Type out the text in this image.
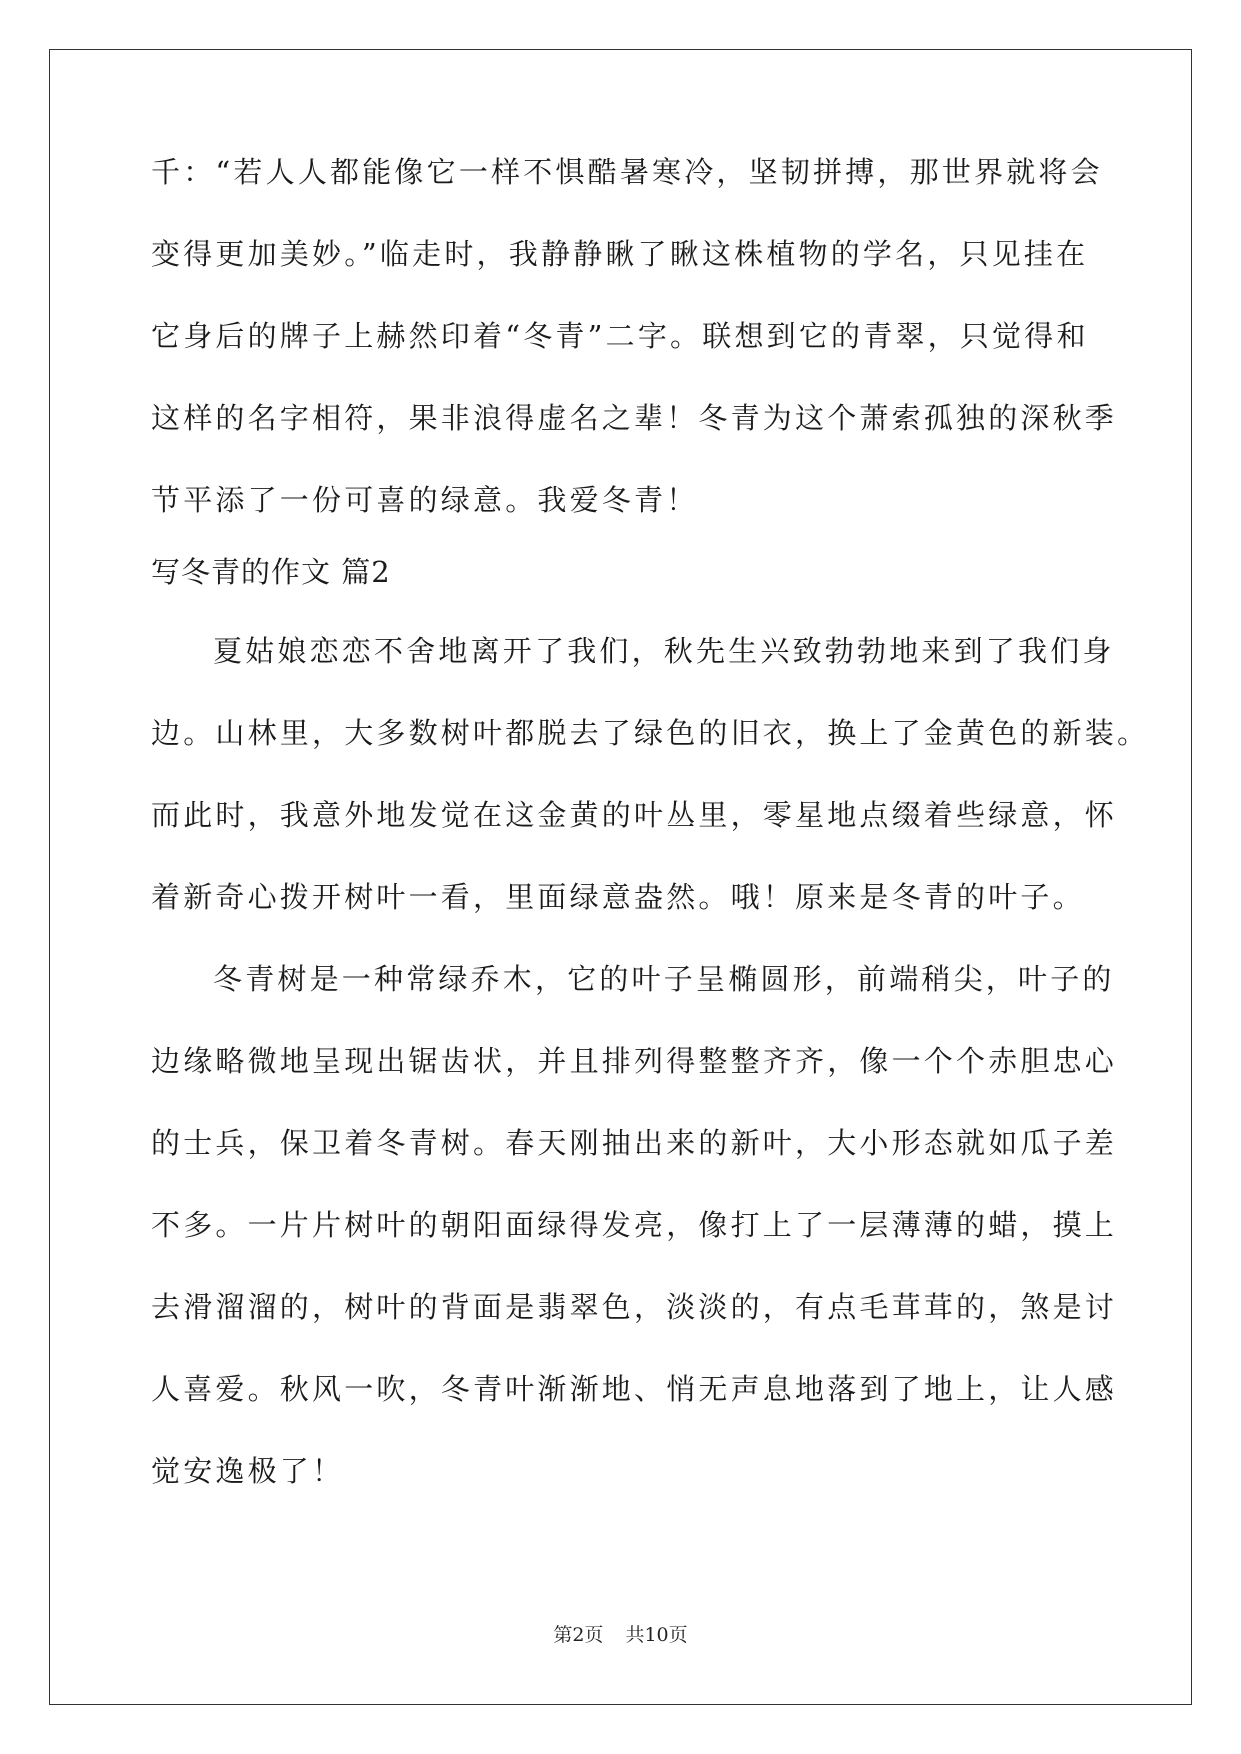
千：“若人人都能像它一样不惧酷暑寒冷，坚韧拼搏，那世界就将会
变得更加美妙。”临走时，我静静瞅了瞅这株植物的学名，只见挂在
它身后的牌子上赫然印着“冬青”二字。联想到它的青翠，只觉得和
这样的名字相符，果非浪得虚名之辈！冬青为这个萧索孤独的深秋季
节平添了一份可喜的绿意。我爱冬青！
写冬青的作文 篇2
夏姑娘恋恋不舍地离开了我们，秋先生兴致勃勃地来到了我们身
边。山林里，大多数树叶都脱去了绿色的旧衣，换上了金黄色的新装。
而此时，我意外地发觉在这金黄的叶丛里，零星地点缀着些绿意，怀
着新奇心拨开树叶一看，里面绿意盎然。哦！原来是冬青的叶子。
冬青树是一种常绿乔木，它的叶子呈椭圆形，前端稍尖，叶子的
边缘略微地呈现出锯齿状，并且排列得整整齐齐，像一个个赤胆忠心
的士兵，保卫着冬青树。春天刚抽出来的新叶，大小形态就如瓜子差
不多。一片片树叶的朝阳面绿得发亮，像打上了一层薄薄的蜡，摸上
去滑溜溜的，树叶的背面是翡翠色，淡淡的，有点毛茸茸的，煞是讨
人喜爱。秋风一吹，冬青叶渐渐地、悄无声息地落到了地上，让人感
觉安逸极了！
第2页 共10页
